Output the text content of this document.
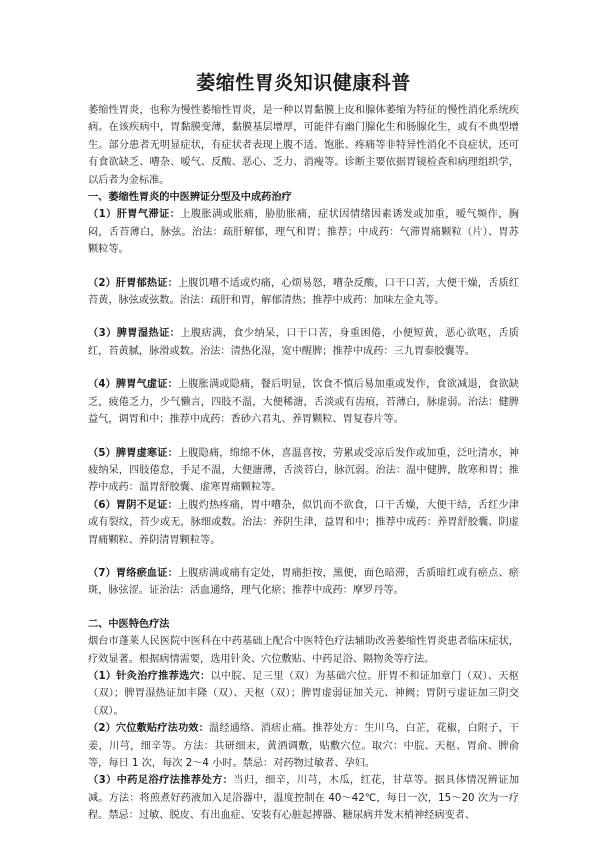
萎缩性胃炎知识健康科普

萎缩性胃炎，也称为慢性萎缩性胃炎，是一种以胃黏膜上皮和腺体萎缩为特征的慢性消化系统疾病。在该疾病中，胃黏膜变薄，黏膜基层增厚，可能伴有幽门腺化生和肠腺化生，或有不典型增生。部分患者无明显症状，有症状者表现上腹不适、饱胀、疼痛等非特异性消化不良症状，还可有食欲缺乏、嘈杂、嗳气、反酸、恶心、乏力、消瘦等。诊断主要依据胃镜检查和病理组织学，以后者为金标准。

一、萎缩性胃炎的中医辨证分型及中成药治疗

（1）肝胃气滞证：上腹胀满或胀痛，胁肋胀痛，症状因情绪因素诱发或加重，嗳气频作，胸闷，舌苔薄白，脉弦。治法：疏肝解郁，理气和胃；推荐；中成药：气滞胃痛颗粒（片）、胃苏颗粒等。

（2）肝胃郁热证：上腹饥嘈不适或灼痛，心烦易怒，嘈杂反酸，口干口苦，大便干燥，舌质红苔黄，脉弦或弦数。治法：疏肝和胃，解郁清热；推荐中成药：加味左金丸等。

（3）脾胃湿热证：上腹痞满，食少纳呆，口干口苦，身重困倦，小便短黄，恶心欲呕，舌质红，苔黄腻，脉滑或数。治法：清热化湿，宽中醒脾；推荐中成药：三九胃泰胶囊等。

（4）脾胃气虚证：上腹胀满或隐痛，餐后明显，饮食不慎后易加重或发作，食欲减退，食欲缺乏，疲倦乏力，少气懒言，四肢不温，大便稀溏，舌淡或有齿痕，苔薄白，脉虚弱。治法：健脾益气，调胃和中；推荐中成药：香砂六君丸、养胃颗粒、胃复春片等。

（5）脾胃虚寒证：上腹隐痛，绵绵不休，喜温喜按，劳累或受凉后发作或加重，泛吐清水，神疲纳呆，四肢倦怠，手足不温，大便溏薄，舌淡苔白，脉沉弱。治法：温中健脾，散寒和胃；推荐中成药：温胃舒胶囊、虚寒胃痛颗粒等。

（6）胃阴不足证：上腹灼热疼痛，胃中嘈杂，似饥而不欲食，口干舌燥，大便干结，舌红少津或有裂纹，苔少或无，脉细或数。治法：养阴生津，益胃和中；推荐中成药：养胃舒胶囊、阴虚胃痛颗粒、养阴清胃颗粒等。

（7）胃络瘀血证：上腹痞满或痛有定处，胃痛拒按，黑便，面色暗滞，舌质暗红或有瘀点、瘀斑，脉弦涩。证治法：活血通络，理气化瘀；推荐中成药：摩罗丹等。

二、中医特色疗法

烟台市蓬莱人民医院中医科在中药基础上配合中医特色疗法辅助改善萎缩性胃炎患者临床症状，疗效显著。根据病情需要，选用针灸、穴位敷贴、中药足浴、隔物灸等疗法。

（1）针灸治疗推荐选穴：以中脘、足三里（双）为基础穴位。肝胃不和证加章门（双）、天枢（双）；脾胃湿热证加丰隆（双）、天枢（双）；脾胃虚弱证加关元、神阙；胃阴亏虚证加三阴交（双）。

（2）穴位敷贴疗法功效：温经通络、消痞止痛。推荐处方：生川乌，白芷，花椒，白附子，干姜，川芎，细辛等。方法：共研细末，黄酒调敷，贴敷穴位。取穴：中脘、天枢、胃俞、脾俞等，每日 1 次，每次 2～4 小时。禁忌：对药物过敏者、孕妇。

（3）中药足浴疗法推荐处方：当归，细辛，川芎，木瓜，红花，甘草等。据具体情况辨证加减。方法：将煎煮好药液加入足浴器中，温度控制在 40～42℃，每日一次，15～20 次为一疗程。禁忌：过敏、脱皮、有出血症、安装有心脏起搏器、糖尿病并发末梢神经病变者、
